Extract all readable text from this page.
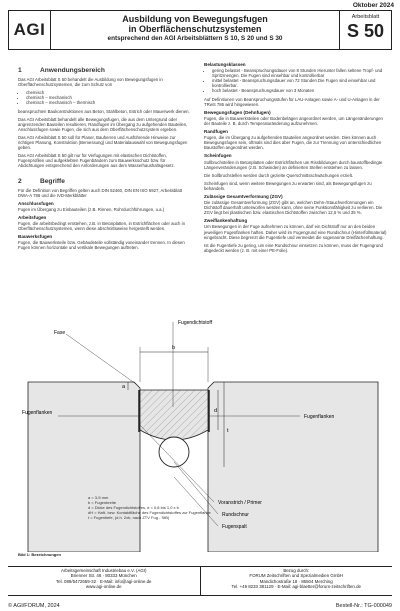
Oktober 2024
AGI
Ausbildung von Bewegungsfugen
in Oberflächenschutzsystemen
entsprechend den AGI Arbeitsblättern S 10, S 20 und S 30
Arbeitsblatt
S 50
1	Anwendungsbereich

Das AGI Arbeitsblatt S 50 behandelt die Ausbildung von Bewegungsfugen in Oberflächenschutzsystemen, die zum Schutz von

• chemisch
• chemisch – mechanisch
• chemisch – mechanisch – thermisch

beanspruchten Baukonstruktionen aus Beton, Stahlbeton, Estrich oder Mauerwerk dienen.

Das AGI Arbeitsblatt behandelt alle Bewegungsfugen, die aus dem Untergrund oder angrenzenden Bauteilen resultieren, Randfugen im Übergang zu aufgehenden Bauteilen, Anschlussfugen sowie Fugen, die sich aus dem Oberflächenschutzsystem ergeben.

Das AGI Arbeitsblatt S 50 soll für Planer, Bauherren und Ausführende Hinweise zur richtigen Planung, Konstruktion (Bemessung) und Materialauswahl von Bewegungsfugen geben.

Das AGI Arbeitsblatt S 50 gilt nur für Verfugungen mit elastischen Dichtstoffen, Fugenprofilen und aufgeklebten Fugenbändern zum Bauwerksschutz bzw. für Abdichtungen entsprechend den Anforderungen aus dem Wasserhaushaltsgesetz.

2	Begriffe

Für die Definition von Begriffen gelten auch DIN 52460, DIN EN ISO 6927, Arbeitsblatt DWA-A 786 und die IVD-Merkblätter

Anschlussfugen

Fugen im Übergang zu Einbauteilen (z.B. Rinnen, Rohrdurchführungen, u.a.)

Arbeitsfugen

Fugen, die arbeitsbedingt entstehen, z.B. in Betonplatten, in Estrichflächen oder auch in Oberflächenschutzsystemen, wenn diese abschnittsweise hergestellt werden.

Bauwerksfugen

Fugen, die Bauwerksteile bzw. Gebäudeteile vollständig voneinander trennen. In diesen Fugen können horizontale und vertikale Bewegungen auftreten.

Belastungsklassen
• gering belastet - Beanspruchungsdauer von 8 Stunden Hierunter fallen seltene Tropf- und Spritzmengen. Die Fugen sind einsehbar und kontrollierbar
• mittel belastet - Beanspruchungsdauer von 72 Stunden Die Fugen sind einsehbar und kontrollierbar.
• hoch belastet - Beanspruchungsdauer von 3 Monaten

Auf Definitionen von Beanspruchungsstufen für LAU-Anlagen sowie A- und U-Anlagen in der TRwS 786 wird hingewiesen.

Bewegungsfugen (Dehnfugen)

Fugen, die in Bauwerksteilen oder Bodenbelägen angeordnet werden, um Längenänderungen der Bauteile z. B. durch Temperaturänderung aufzunehmen.

Randfugen

Fugen, die im Übergang zu aufgehenden Bauteilen angeordnet werden. Dies können auch Bewegungsfugen sein, oftmals sind dies aber Fugen, die zur Trennung von unterschiedlichen Baustoffen angeordnet werden.

Scheinfugen

Sollbruchstellen in Betonplatten oder Estrichflächen um Rissbildungen durch baustoffbedingte Längenveränderungen (z.B. Schwinden) an definierten Stellen entstehen zu lassen.

Die Sollbruchstellen werden durch gezielte Querschnittsschwächungen erzielt.

Scheinfugen sind, wenn weitere Bewegungen zu erwarten sind, als Bewegungsfugen zu behandeln.

Zulässige Gesamtverformung (ZGV)

Die zulässige Gesamtverformung (ZGV) gibt an, welchen Dehn-/Stauchverformungen ein Dichtstoff dauerhaft unterworfen werden kann, ohne seine Funktionsfähigkeit zu verlieren. Die ZGV liegt bei plastischen bzw. elastischen Dichtstoffen zwischen 12,5 % und 35 %.

Zweiflankenhaftung

Um Bewegungen in der Fuge aufnehmen zu können, darf ein Dichtstoff nur an den beiden jeweiligen Fugenflanken haften. Daher wird im Fugengrund eine Rundschnur (Hinterfüllmaterial) eingebracht. Diese begrenzt die Fugentiefe und vermeidet die sogenannte Dreiflächenhaftung.

Ist die Fugentiefe zu gering, um eine Rundschnur einsetzen zu können, muss der Fugengrund abgedeckt werden (z. B. mit einer PE-Folie).

Fase
Fugendichtstoff
Fugenflanken
Fugenflanken
Voranstrich / Primer
Rundschnur
Fugenspalt
b
a
d
t
a = 3-5 mm
b = Fugenbreite
d = Dicke des Fugendichtstoffes, d = 0,8 bis 1,0 x b
dH = Haft- bzw. Kontaktfläche des Fugendichtstoffes zur Fugenflanke
t = Fugentiefe, (d.h. 2xb, nach ZTV Fug - StB)
Bild 1: Bezeichnungen
Arbeitsgemeinschaft Industriebau e.V. (AGI)
Brienner Str. 46 · 80333 München
Tel. 089/5472659-32 · E-Mail: info@agi-online.de
www.agi-online.de
Bezug durch:
FORUM Zeitschriften und Spezialmedien GmbH
Mandichostraße 18 · 86504 Merching
Tel. +49 8233 381129 · E-Mail: agi-blaetter@forum-zeitschriften.de
© AGI/FORUM, 2024	Bestell-Nr.: TG-000049
